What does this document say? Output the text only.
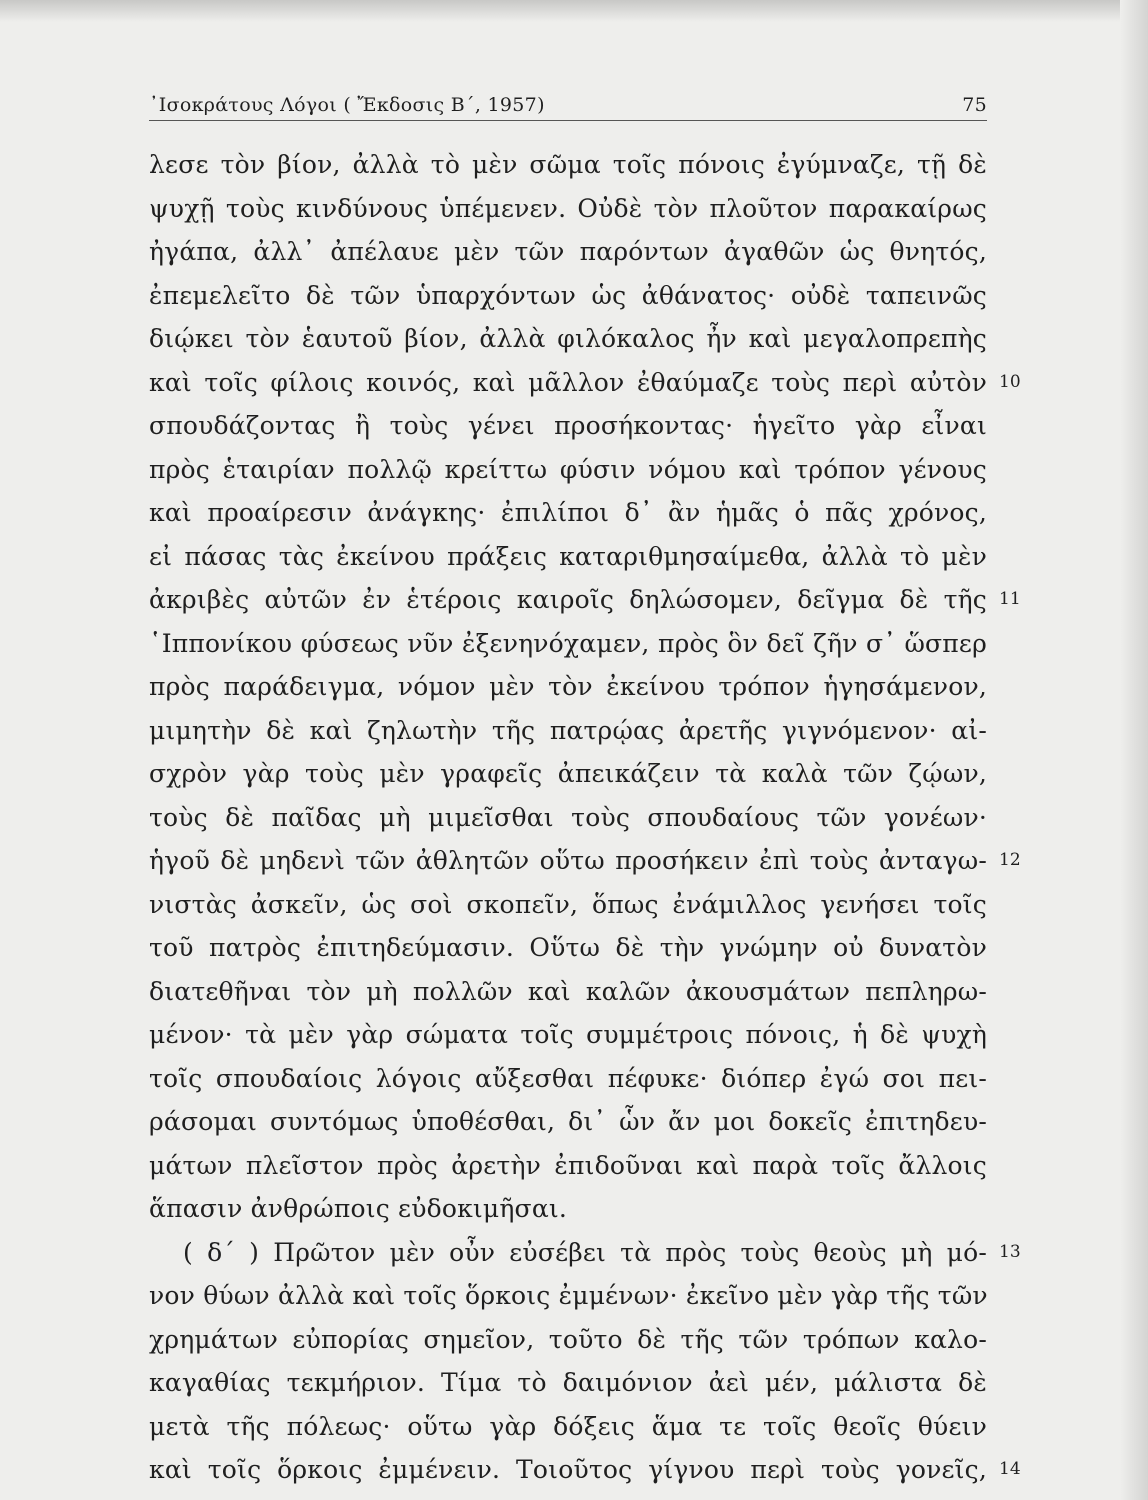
᾿Ισοκράτους Λόγοι ( Ἔκδοσις Β΄, 1957)	75
λεσε τὸν βίον, ἀλλὰ τὸ μὲν σῶμα τοῖς πόνοις ἐγύμναζε, τῇ δὲ
ψυχῇ τοὺς κινδύνους ὑπέμενεν. Οὐδὲ τὸν πλοῦτον παρακαίρως
ἠγάπα, ἀλλ᾿ ἀπέλαυε μὲν τῶν παρόντων ἀγαθῶν ὡς θνητός,
ἐπεμελεῖτο δὲ τῶν ὑπαρχόντων ὡς ἀθάνατος· οὐδὲ ταπεινῶς
διῴκει τὸν ἑαυτοῦ βίον, ἀλλὰ φιλόκαλος ἦν καὶ μεγαλοπρεπὴς
καὶ τοῖς φίλοις κοινός, καὶ μᾶλλον ἐθαύμαζε τοὺς περὶ αὐτὸν 10
σπουδάζοντας ἢ τοὺς γένει προσήκοντας· ἡγεῖτο γὰρ εἶναι
πρὸς ἑταιρίαν πολλῷ κρείττω φύσιν νόμου καὶ τρόπον γένους
καὶ προαίρεσιν ἀνάγκης· ἐπιλίποι δ᾿ ἂν ἡμᾶς ὁ πᾶς χρόνος,
εἰ πάσας τὰς ἐκείνου πράξεις καταριθμησαίμεθα, ἀλλὰ τὸ μὲν
ἀκριβὲς αὐτῶν ἐν ἑτέροις καιροῖς δηλώσομεν, δεῖγμα δὲ τῆς 11
῾Ιππονίκου φύσεως νῦν ἐξενηνόχαμεν, πρὸς ὃν δεῖ ζῆν σ᾿ ὥσπερ
πρὸς παράδειγμα, νόμον μὲν τὸν ἐκείνου τρόπον ἡγησάμενον,
μιμητὴν δὲ καὶ ζηλωτὴν τῆς πατρῴας ἀρετῆς γιγνόμενον· αἰ-
σχρὸν γὰρ τοὺς μὲν γραφεῖς ἀπεικάζειν τὰ καλὰ τῶν ζῴων,
τοὺς δὲ παῖδας μὴ μιμεῖσθαι τοὺς σπουδαίους τῶν γονέων·
ἡγοῦ δὲ μηδενὶ τῶν ἀθλητῶν οὕτω προσήκειν ἐπὶ τοὺς ἀνταγω- 12
νιστὰς ἀσκεῖν, ὡς σοὶ σκοπεῖν, ὅπως ἐνάμιλλος γενήσει τοῖς
τοῦ πατρὸς ἐπιτηδεύμασιν. Οὕτω δὲ τὴν γνώμην οὐ δυνατὸν
διατεθῆναι τὸν μὴ πολλῶν καὶ καλῶν ἀκουσμάτων πεπληρω-
μένον· τὰ μὲν γὰρ σώματα τοῖς συμμέτροις πόνοις, ἡ δὲ ψυχὴ
τοῖς σπουδαίοις λόγοις αὔξεσθαι πέφυκε· διόπερ ἐγώ σοι πει-
ράσομαι συντόμως ὑποθέσθαι, δι᾿ ὧν ἄν μοι δοκεῖς ἐπιτηδευ-
μάτων πλεῖστον πρὸς ἀρετὴν ἐπιδοῦναι καὶ παρὰ τοῖς ἄλλοις
ἅπασιν ἀνθρώποις εὐδοκιμῆσαι.
( δ΄ ) Πρῶτον μὲν οὖν εὐσέβει τὰ πρὸς τοὺς θεοὺς μὴ μό- 13
νον θύων ἀλλὰ καὶ τοῖς ὅρκοις ἐμμένων· ἐκεῖνο μὲν γὰρ τῆς τῶν
χρημάτων εὐπορίας σημεῖον, τοῦτο δὲ τῆς τῶν τρόπων καλο-
καγαθίας τεκμήριον. Τίμα τὸ δαιμόνιον ἀεὶ μέν, μάλιστα δὲ
μετὰ τῆς πόλεως· οὕτω γὰρ δόξεις ἅμα τε τοῖς θεοῖς θύειν
καὶ τοῖς ὅρκοις ἐμμένειν. Τοιοῦτος γίγνου περὶ τοὺς γονεῖς, 14
